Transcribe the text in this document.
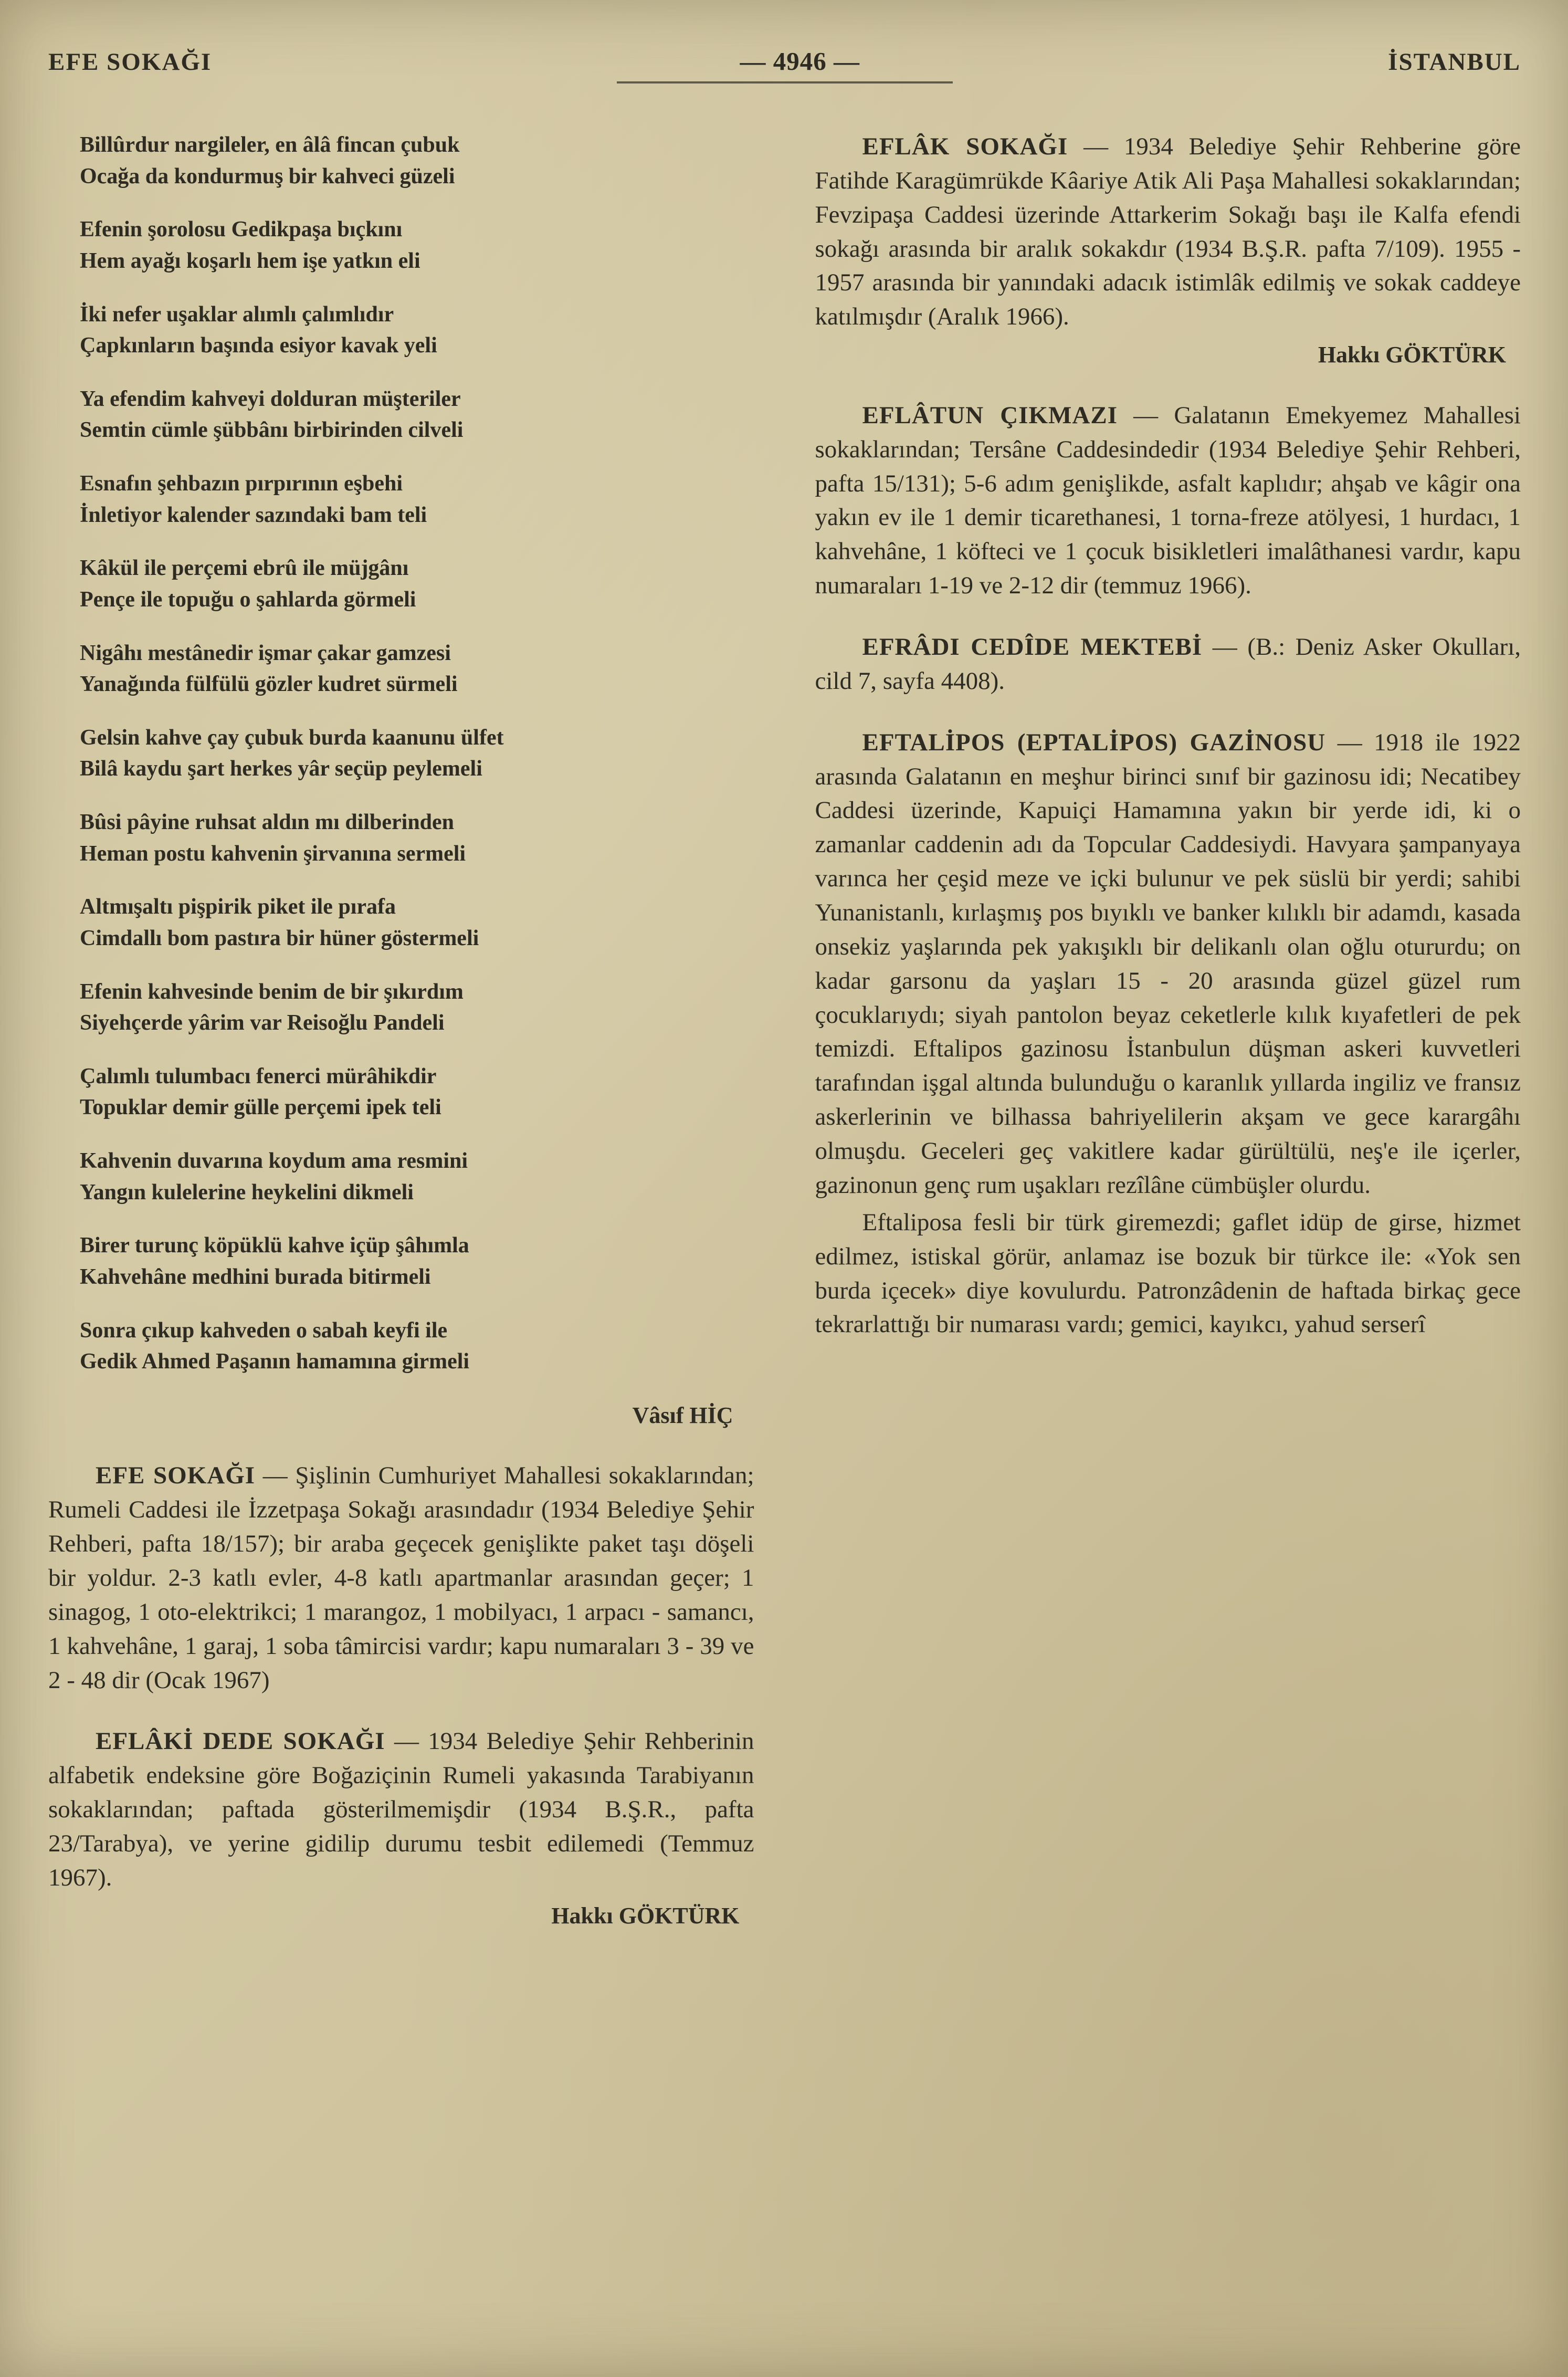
EFE SOKAĞI	— 4946 —	İSTANBUL
Billûrdur nargileler, en âlâ fincan çubuk
Ocağa da kondurmuş bir kahveci güzeli
Efenin şorolosu Gedikpaşa bıçkını
Hem ayağı koşarlı hem işe yatkın eli
İki nefer uşaklar alımlı çalımlıdır
Çapkınların başında esiyor kavak yeli
Ya efendim kahveyi dolduran müşteriler
Semtin cümle şübbânı birbirinden cilveli
Esnafın şehbazın pırpırının eşbehi
İnletiyor kalender sazındaki bam teli
Kâkül ile perçemi ebrû ile müjgânı
Pençe ile topuğu o şahlarda görmeli
Nigâhı mestânedir işmar çakar gamzesi
Yanağında fülfülü gözler kudret sürmeli
Gelsin kahve çay çubuk burda kaanunu ülfet
Bilâ kaydu şart herkes yâr seçüp peylemeli
Bûsi pâyine ruhsat aldın mı dilberinden
Heman postu kahvenin şirvanına sermeli
Altmışaltı pişpirik piket ile pırafa
Cimdallı bom pastıra bir hüner göstermeli
Efenin kahvesinde benim de bir şıkırdım
Siyehçerde yârim var Reisoğlu Pandeli
Çalımlı tulumbacı fenerci mürâhikdir
Topuklar demir gülle perçemi ipek teli
Kahvenin duvarına koydum ama resmini
Yangın kulelerine heykelini dikmeli
Birer turunç köpüklü kahve içüp şâhımla
Kahvehâne medhini burada bitirmeli
Sonra çıkup kahveden o sabah keyfi ile
Gedik Ahmed Paşanın hamamına girmeli
Vâsıf HİÇ

EFE SOKAĞI — Şişlinin Cumhuriyet Mahallesi sokaklarından; Rumeli Caddesi ile İzzetpaşa Sokağı arasındadır (1934 Belediye Şehir Rehberi, pafta 18/157); bir araba geçecek genişlikte paket taşı döşeli bir yoldur. 2-3 katlı evler, 4-8 katlı apartmanlar arasından geçer; 1 sinagog, 1 oto-elektrikci; 1 marangoz, 1 mobilyacı, 1 arpacı - samancı, 1 kahvehâne, 1 garaj, 1 soba tâmircisi vardır; kapu numaraları 3 - 39 ve 2 - 48 dir (Ocak 1967)

EFLÂKİ DEDE SOKAĞI — 1934 Belediye Şehir Rehberinin alfabetik endeksine göre Boğaziçinin Rumeli yakasında Tarabiyanın sokaklarından; paftada gösterilmemişdir (1934 B.Ş.R., pafta 23/Tarabya), ve yerine gidilip durumu tesbit edilemedi (Temmuz 1967).

Hakkı GÖKTÜRK

EFLÂK SOKAĞI — 1934 Belediye Şehir Rehberine göre Fatihde Karagümrükde Kâariye Atik Ali Paşa Mahallesi sokaklarından; Fevzipaşa Caddesi üzerinde Attarkerim Sokağı başı ile Kalfa efendi sokağı arasında bir aralık sokakdır (1934 B.Ş.R. pafta 7/109). 1955 - 1957 arasında bir yanındaki adacık istimlâk edilmiş ve sokak caddeye katılmışdır (Aralık 1966).

Hakkı GÖKTÜRK

EFLÂTUN ÇIKMAZI — Galatanın Emekyemez Mahallesi sokaklarından; Tersâne Caddesindedir (1934 Belediye Şehir Rehberi, pafta 15/131); 5-6 adım genişlikde, asfalt kaplıdır; ahşab ve kâgir ona yakın ev ile 1 demir ticarethanesi, 1 torna-freze atölyesi, 1 hurdacı, 1 kahvehâne, 1 köfteci ve 1 çocuk bisikletleri imalâthanesi vardır, kapu numaraları 1-19 ve 2-12 dir (temmuz 1966).

EFRÂDI CEDÎDE MEKTEBİ — (B.: Deniz Asker Okulları, cild 7, sayfa 4408).

EFTALİPOS (EPTALİPOS) GAZİNOSU — 1918 ile 1922 arasında Galatanın en meşhur birinci sınıf bir gazinosu idi; Necatibey Caddesi üzerinde, Kapuiçi Hamamına yakın bir yerde idi, ki o zamanlar caddenin adı da Topcular Caddesiydi. Havyara şampanyaya varınca her çeşid meze ve içki bulunur ve pek süslü bir yerdi; sahibi Yunanistanlı, kırlaşmış pos bıyıklı ve banker kılıklı bir adamdı, kasada onsekiz yaşlarında pek yakışıklı bir delikanlı olan oğlu otururdu; on kadar garsonu da yaşları 15 - 20 arasında güzel güzel rum çocuklarıydı; siyah pantolon beyaz ceketlerle kılık kıyafetleri de pek temizdi. Eftalipos gazinosu İstanbulun düşman askeri kuvvetleri tarafından işgal altında bulunduğu o karanlık yıllarda ingiliz ve fransız askerlerinin ve bilhassa bahriyelilerin akşam ve gece karargâhı olmuşdu. Geceleri geç vakitlere kadar gürültülü, neş'e ile içerler, gazinonun genç rum uşakları rezîlâne cümbüşler olurdu.

Eftaliposa fesli bir türk giremezdi; gaflet idüp de girse, hizmet edilmez, istiskal görür, anlamaz ise bozuk bir türkce ile: «Yok sen burda içecek» diye kovulurdu. Patronzâdenin de haftada birkaç gece tekrarlattığı bir numarası vardı; gemici, kayıkcı, yahud serserî
